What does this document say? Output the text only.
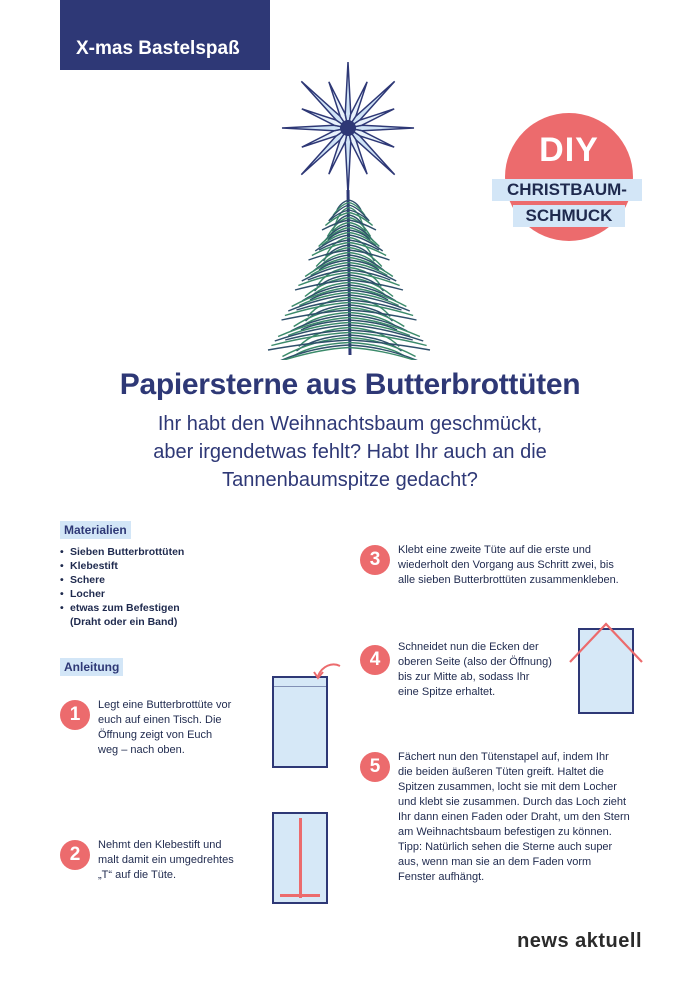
X-mas Bastelspaß
DIY
CHRISTBAUM-
SCHMUCK
Papiersterne aus Butterbrottüten
Ihr habt den Weihnachtsbaum geschmückt,
aber irgendetwas fehlt? Habt Ihr auch an die
Tannenbaumspitze gedacht?
Materialien
• Sieben Butterbrottüten
• Klebestift
• Schere
• Locher
• etwas zum Befestigen
(Draht oder ein Band)
Anleitung
1	Legt eine Butterbrottüte vor
euch auf einen Tisch. Die
Öffnung zeigt von Euch
weg – nach oben.
2	Nehmt den Klebestift und
malt damit ein umgedrehtes
„T“ auf die Tüte.
3	Klebt eine zweite Tüte auf die erste und
wiederholt den Vorgang aus Schritt zwei, bis
alle sieben Butterbrottüten zusammenkleben.
4
Schneidet nun die Ecken der
oberen Seite (also der Öffnung)
bis zur Mitte ab, sodass Ihr
eine Spitze erhaltet.
5	Fächert nun den Tütenstapel auf, indem Ihr
die beiden äußeren Tüten greift. Haltet die
Spitzen zusammen, locht sie mit dem Locher
und klebt sie zusammen. Durch das Loch zieht
Ihr dann einen Faden oder Draht, um den Stern
am Weihnachtsbaum befestigen zu können.
Tipp: Natürlich sehen die Sterne auch super
aus, wenn man sie an dem Faden vorm
Fenster aufhängt.
news aktuell
